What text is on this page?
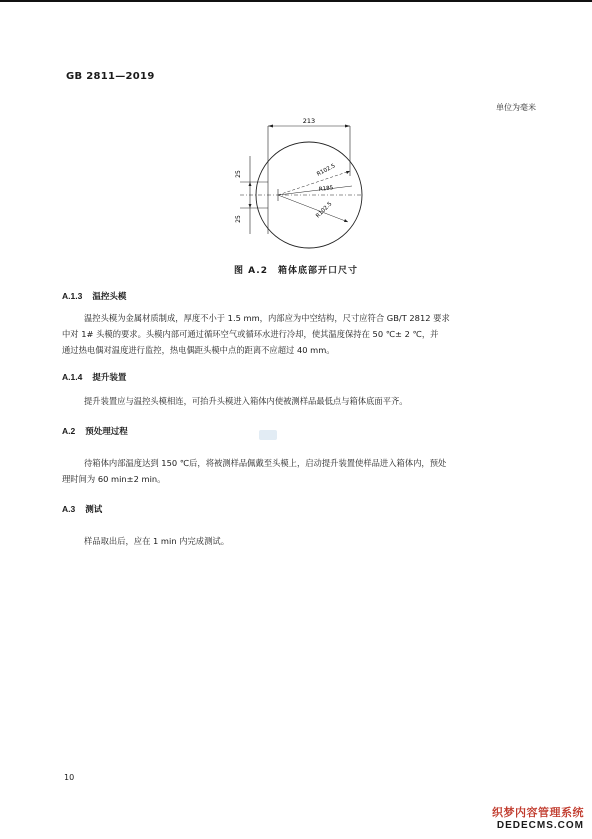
GB 2811—2019
单位为毫米
213
25
25
R102.5
R185
R102.5
图 A.2　箱体底部开口尺寸
A.1.3 温控头模

温控头模为金属材质制成，厚度不小于 1.5 mm，内部应为中空结构，尺寸应符合 GB/T 2812 要求

中对 1# 头模的要求。头模内部可通过循环空气或循环水进行冷却，使其温度保持在 50 ℃± 2 ℃，并

通过热电偶对温度进行监控，热电偶距头模中点的距离不应超过 40 mm。

A.1.4 提升装置

提升装置应与温控头模相连，可抬升头模进入箱体内使被测样品最低点与箱体底面平齐。

A.2 预处理过程

待箱体内部温度达到 150 ℃后，将被测样品佩戴至头模上，启动提升装置使样品进入箱体内，预处

理时间为 60 min±2 min。

A.3 测试

样品取出后，应在 1 min 内完成测试。

10
织梦内容管理系统
DEDECMS.COM
